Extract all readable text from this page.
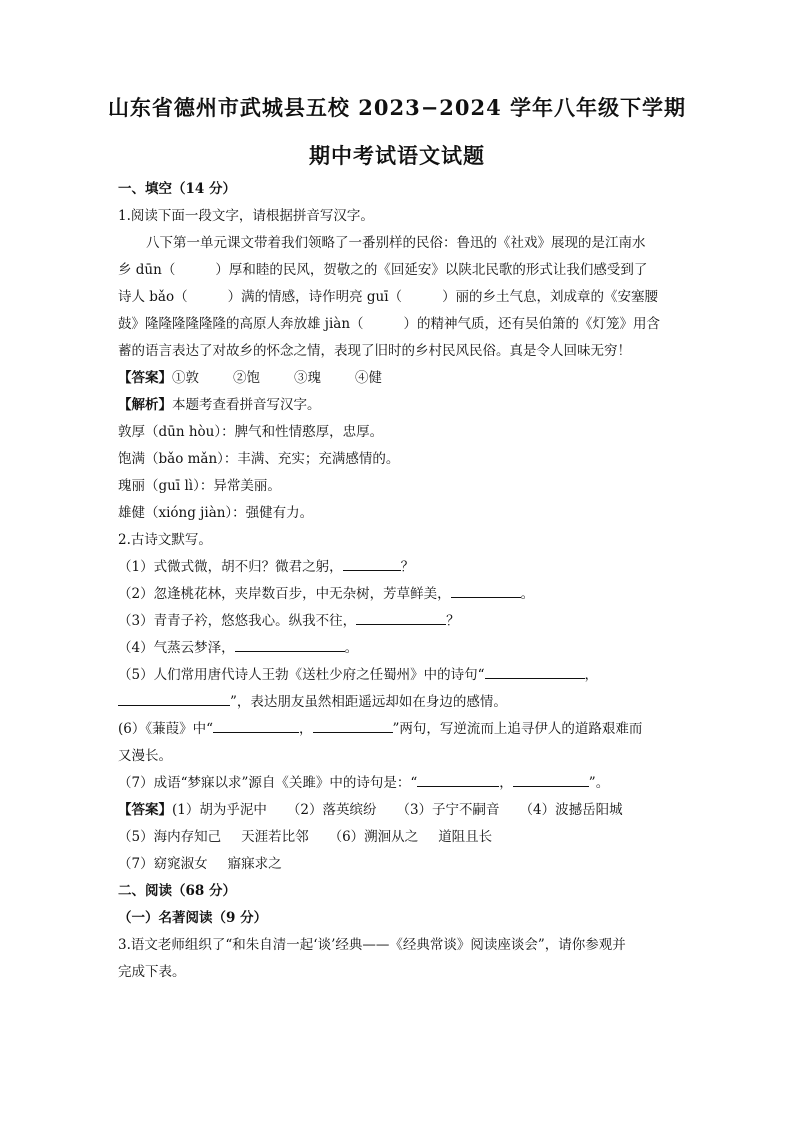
山东省德州市武城县五校 2023−2024 学年八年级下学期
期中考试语文试题
一、填空（14 分）
1.阅读下面一段文字，请根据拼音写汉字。
八下第一单元课文带着我们领略了一番别样的民俗：鲁迅的《社戏》展现的是江南水
乡 dūn（	）厚和睦的民风，贺敬之的《回延安》以陕北民歌的形式让我们感受到了
诗人 bǎo（	）满的情感，诗作明亮 guī（	）丽的乡土气息，刘成章的《安塞腰
鼓》隆隆隆隆隆隆的高原人奔放雄 jiàn（	）的精神气质，还有吴伯箫的《灯笼》用含
蓄的语言表达了对故乡的怀念之情，表现了旧时的乡村民风民俗。真是令人回味无穷！
【答案】①敦	②饱	③瑰	④健
【解析】本题考查看拼音写汉字。
敦厚（dūn hòu）：脾气和性情憨厚，忠厚。
饱满（bǎo mǎn）：丰满、充实；充满感情的。
瑰丽（guī lì）：异常美丽。
雄健（xióng jiàn）：强健有力。
2.古诗文默写。
（1）式微式微，胡不归？微君之躬，	？
（2）忽逢桃花林，夹岸数百步，中无杂树，芳草鲜美，	。
（3）青青子衿，悠悠我心。纵我不往，	？
（4）气蒸云梦泽，	。
（5）人们常用唐代诗人王勃《送杜少府之任蜀州》中的诗句“	，
”，表达朋友虽然相距遥远却如在身边的感情。
(6）《蒹葭》中“	，	”两句，写逆流而上追寻伊人的道路艰难而
又漫长。
（7）成语“梦寐以求”源自《关雎》中的诗句是：“	，	”。
【答案】(1）胡为乎泥中 （2）落英缤纷 （3）子宁不嗣音 （4）波撼岳阳城
（5）海内存知己 天涯若比邻 （6）溯洄从之 道阻且长
（7）窈窕淑女 寤寐求之
二、阅读（68 分）
（一）名著阅读（9 分）
3.语文老师组织了“和朱自清一起‘谈’经典——《经典常谈》阅读座谈会”，请你参观并
完成下表。
